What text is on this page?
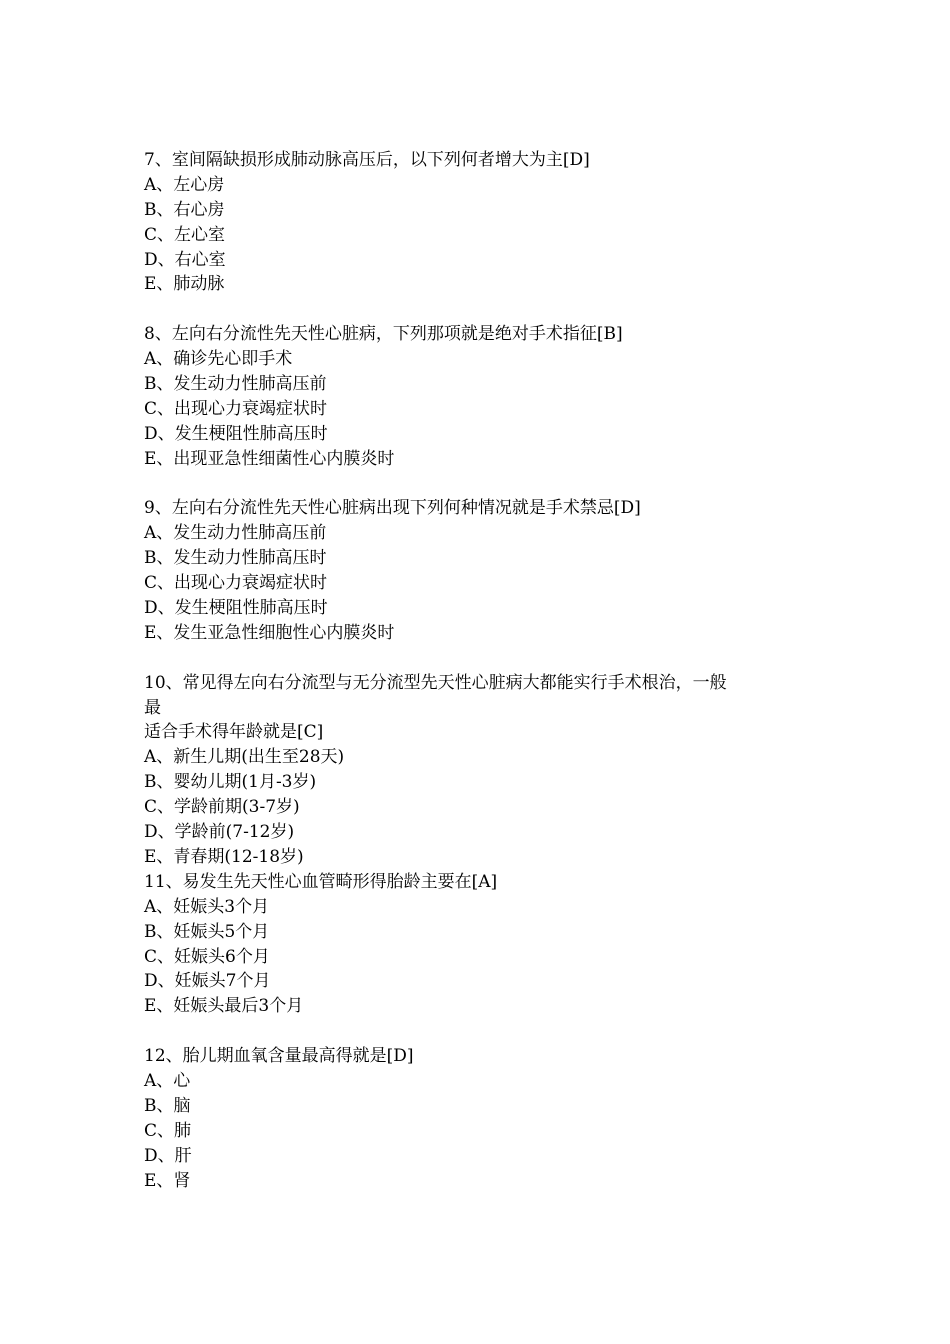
7、室间隔缺损形成肺动脉高压后，以下列何者增大为主[D]
A、左心房
B、右心房
C、左心室
D、右心室
E、肺动脉
8、左向右分流性先天性心脏病，下列那项就是绝对手术指征[B]
A、确诊先心即手术
B、发生动力性肺高压前
C、出现心力衰竭症状时
D、发生梗阻性肺高压时
E、出现亚急性细菌性心内膜炎时
9、左向右分流性先天性心脏病出现下列何种情况就是手术禁忌[D]
A、发生动力性肺高压前
B、发生动力性肺高压时
C、出现心力衰竭症状时
D、发生梗阻性肺高压时
E、发生亚急性细胞性心内膜炎时
10、常见得左向右分流型与无分流型先天性心脏病大都能实行手术根治，一般
最
适合手术得年龄就是[C]
A、新生儿期(出生至28天)
B、婴幼儿期(1月-3岁)
C、学龄前期(3-7岁)
D、学龄前(7-12岁)
E、青春期(12-18岁)
11、易发生先天性心血管畸形得胎龄主要在[A]
A、妊娠头3个月
B、妊娠头5个月
C、妊娠头6个月
D、妊娠头7个月
E、妊娠头最后3个月
12、胎儿期血氧含量最高得就是[D]
A、心
B、脑
C、肺
D、肝
E、肾
